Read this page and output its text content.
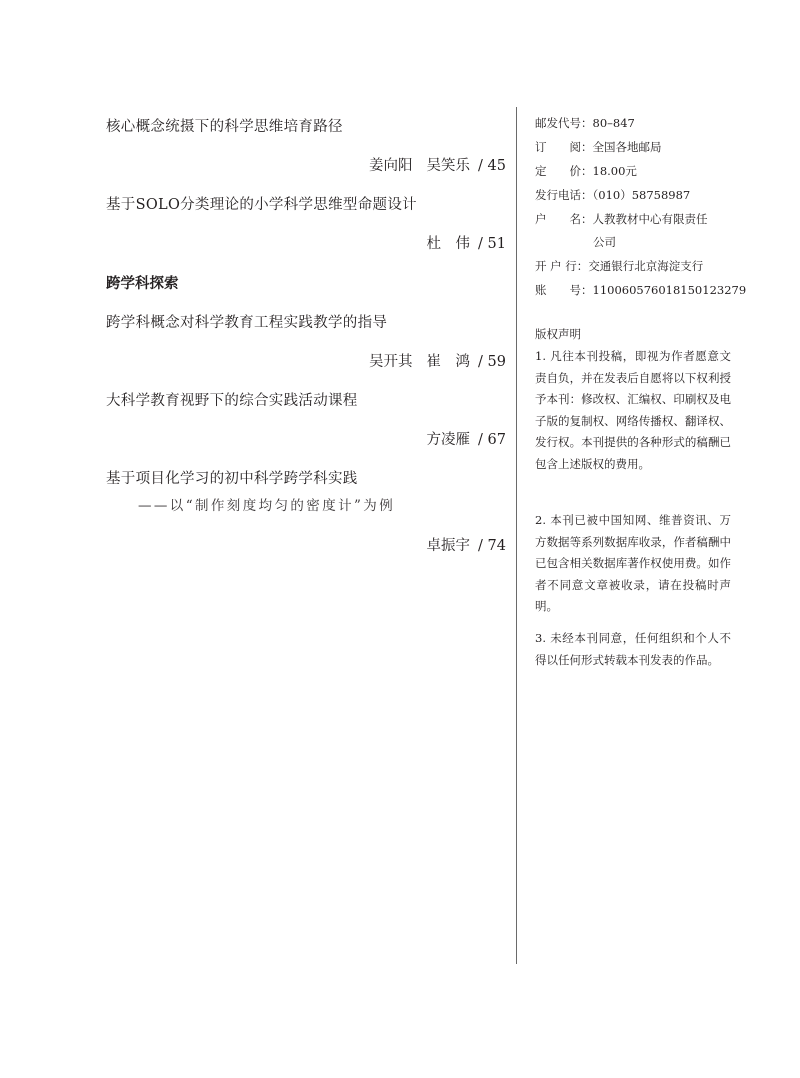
核心概念统摄下的科学思维培育路径
姜向阳 吴笑乐 / 45
基于SOLO分类理论的小学科学思维型命题设计
杜　伟 / 51
跨学科探索
跨学科概念对科学教育工程实践教学的指导
吴开其 崔　鸿 / 59
大科学教育视野下的综合实践活动课程
方凌雁 / 67
基于项目化学习的初中科学跨学科实践
——以“制作刻度均匀的密度计”为例
卓振宇 / 74
邮发代号：80–847
订　　阅：全国各地邮局
定　　价：18.00元
发行电话：（010）58758987
户　　名：人教教材中心有限责任
公司
开 户 行：交通银行北京海淀支行
账　　号：110060576018150123279
版权声明
1. 凡往本刊投稿，即视为作者愿意文责自负，并在发表后自愿将以下权利授予本刊：修改权、汇编权、印刷权及电子版的复制权、网络传播权、翻译权、发行权。本刊提供的各种形式的稿酬已包含上述版权的费用。
2. 本刊已被中国知网、维普资讯、万方数据等系列数据库收录，作者稿酬中已包含相关数据库著作权使用费。如作者不同意文章被收录，请在投稿时声明。
3. 未经本刊同意，任何组织和个人不得以任何形式转载本刊发表的作品。
